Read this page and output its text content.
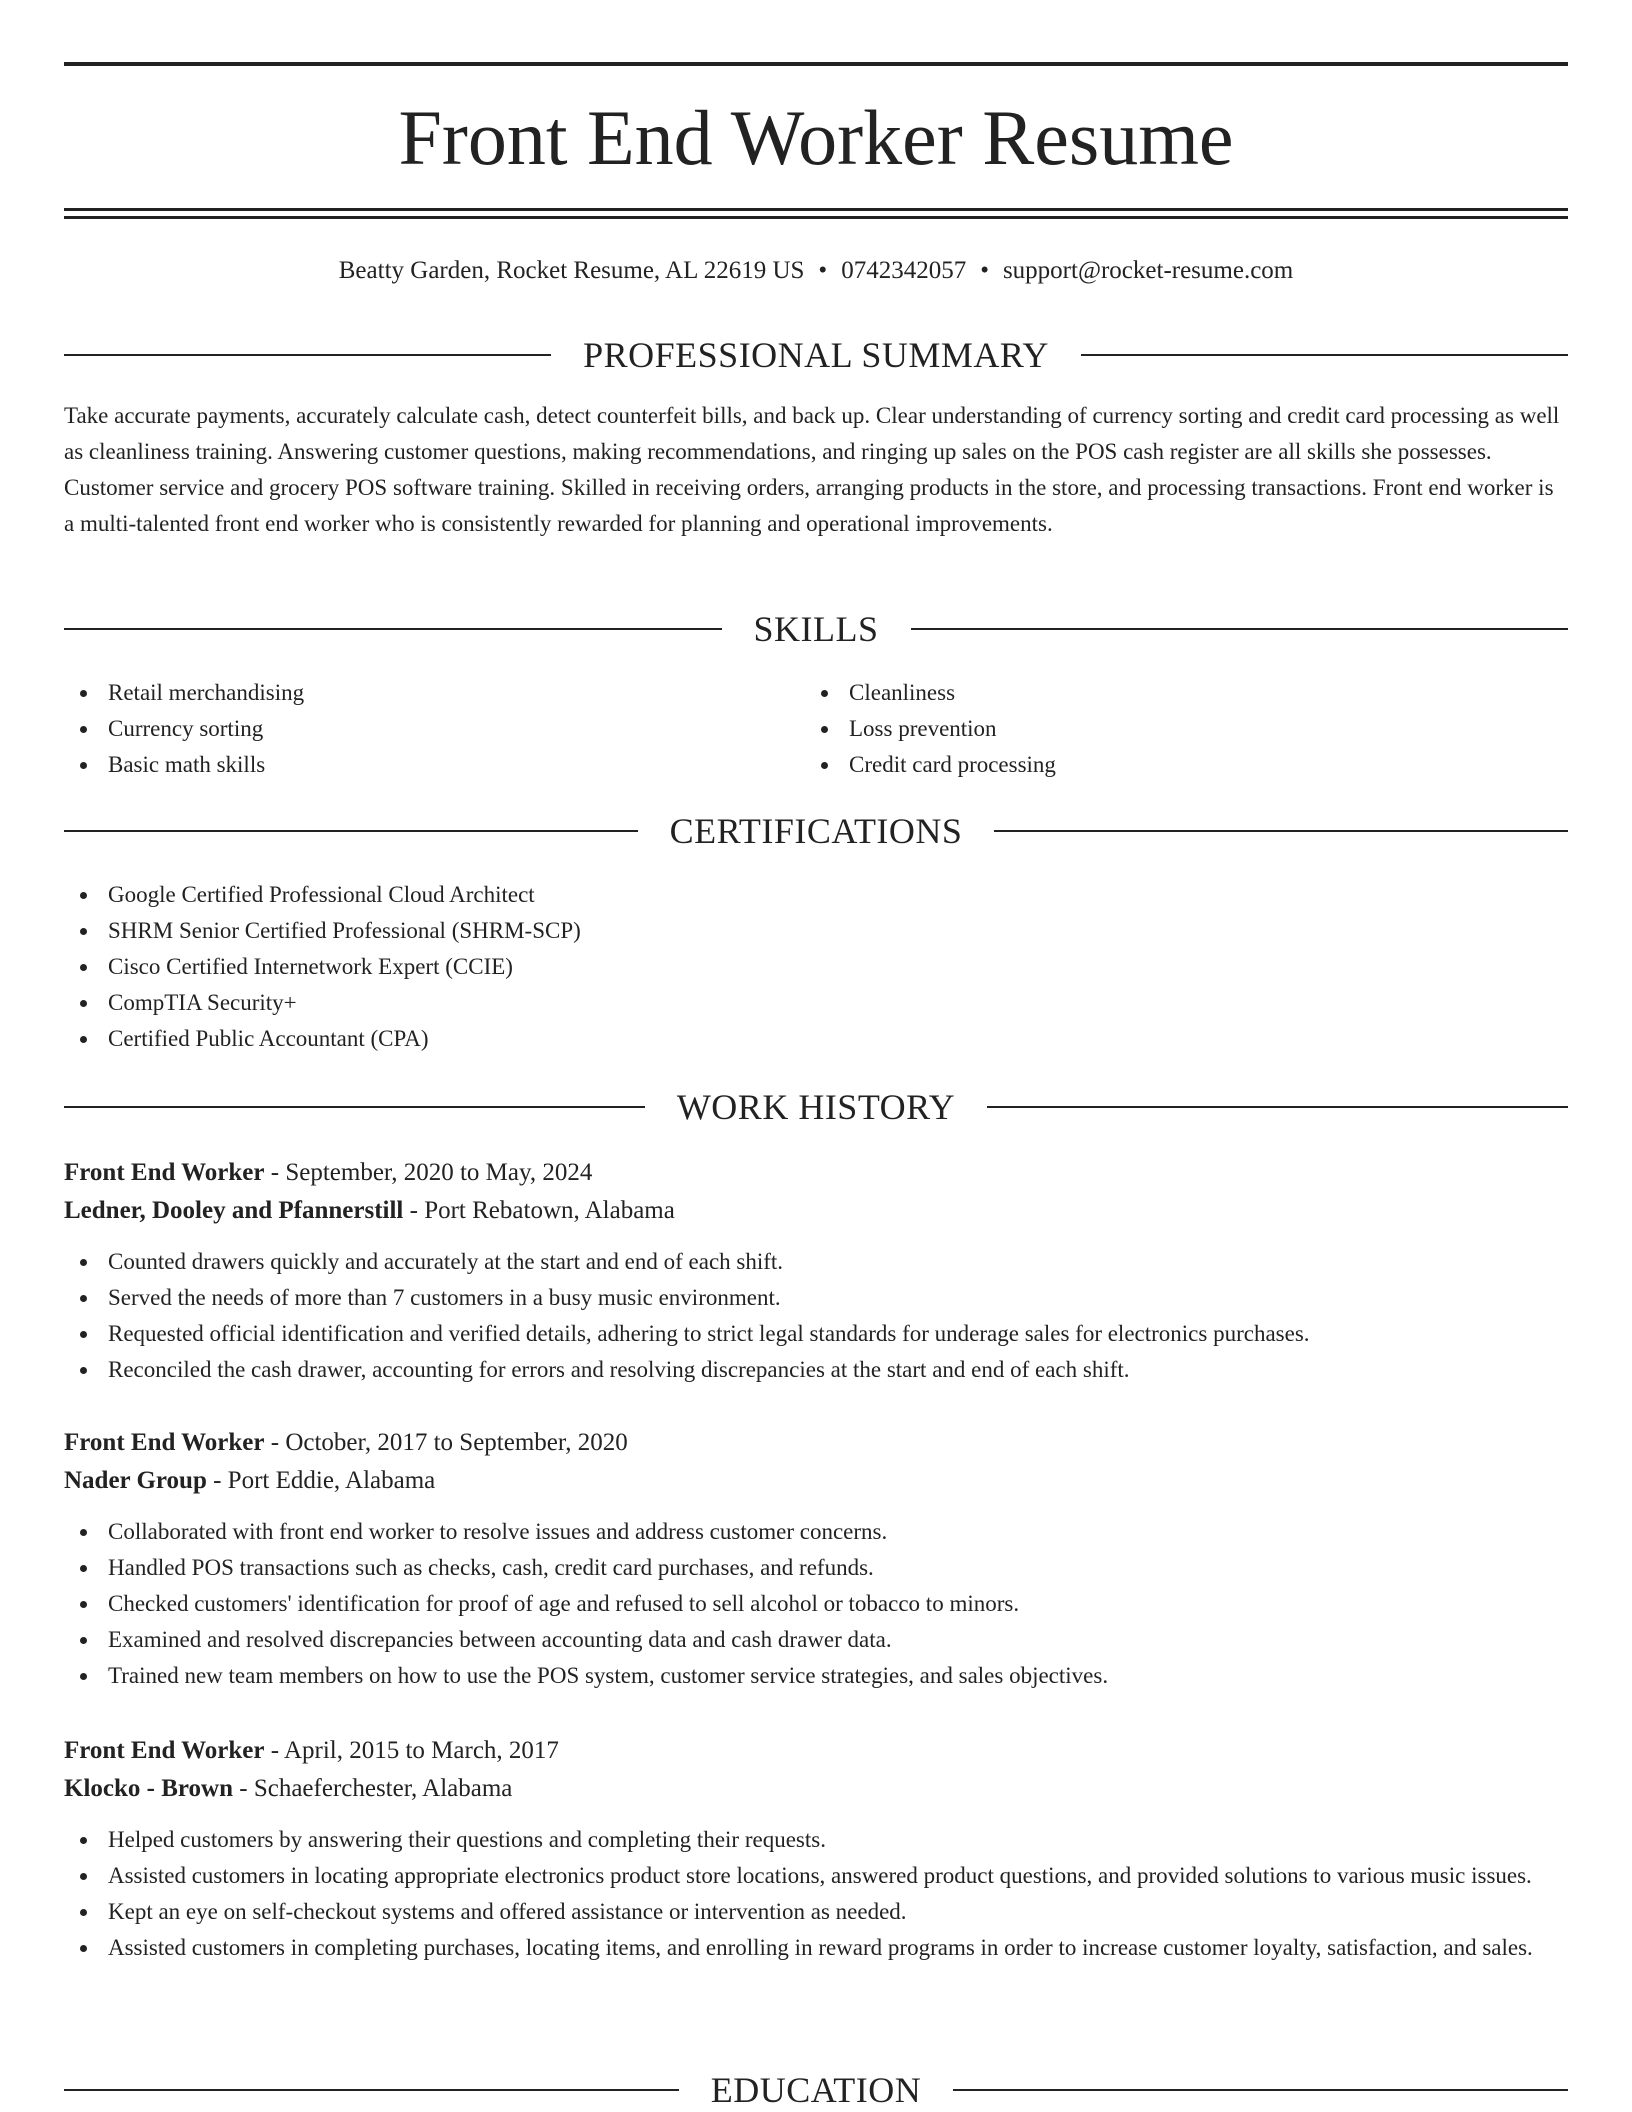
Front End Worker Resume
Beatty Garden, Rocket Resume, AL 22619 US • 0742342057 • support@rocket-resume.com
PROFESSIONAL SUMMARY

Take accurate payments, accurately calculate cash, detect counterfeit bills, and back up. Clear understanding of currency sorting and credit card processing as well as cleanliness training. Answering customer questions, making recommendations, and ringing up sales on the POS cash register are all skills she possesses. Customer service and grocery POS software training. Skilled in receiving orders, arranging products in the store, and processing transactions. Front end worker is a multi-talented front end worker who is consistently rewarded for planning and operational improvements.

SKILLS
Retail merchandising
Currency sorting
Basic math skills
Cleanliness
Loss prevention
Credit card processing
CERTIFICATIONS
Google Certified Professional Cloud Architect
SHRM Senior Certified Professional (SHRM-SCP)
Cisco Certified Internetwork Expert (CCIE)
CompTIA Security+
Certified Public Accountant (CPA)
WORK HISTORY
Front End Worker - September, 2020 to May, 2024
Ledner, Dooley and Pfannerstill - Port Rebatown, Alabama
Counted drawers quickly and accurately at the start and end of each shift.
Served the needs of more than 7 customers in a busy music environment.
Requested official identification and verified details, adhering to strict legal standards for underage sales for electronics purchases.
Reconciled the cash drawer, accounting for errors and resolving discrepancies at the start and end of each shift.
Front End Worker - October, 2017 to September, 2020
Nader Group - Port Eddie, Alabama
Collaborated with front end worker to resolve issues and address customer concerns.
Handled POS transactions such as checks, cash, credit card purchases, and refunds.
Checked customers' identification for proof of age and refused to sell alcohol or tobacco to minors.
Examined and resolved discrepancies between accounting data and cash drawer data.
Trained new team members on how to use the POS system, customer service strategies, and sales objectives.
Front End Worker - April, 2015 to March, 2017
Klocko - Brown - Schaeferchester, Alabama
Helped customers by answering their questions and completing their requests.
Assisted customers in locating appropriate electronics product store locations, answered product questions, and provided solutions to various music issues.
Kept an eye on self-checkout systems and offered assistance or intervention as needed.
Assisted customers in completing purchases, locating items, and enrolling in reward programs in order to increase customer loyalty, satisfaction, and sales.
EDUCATION
